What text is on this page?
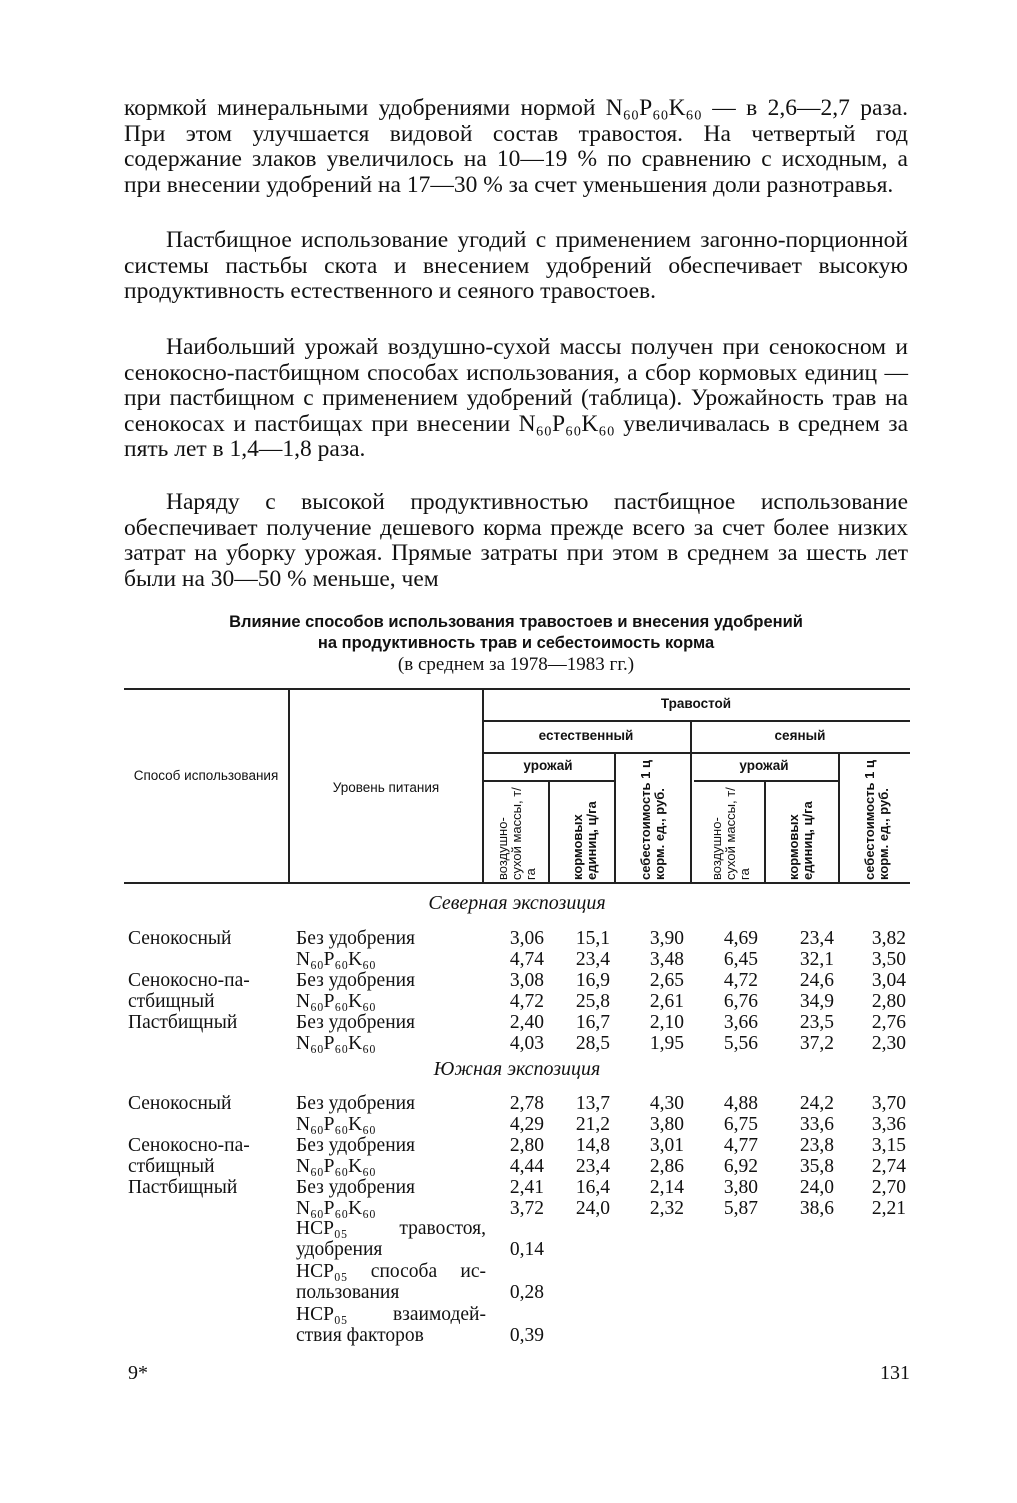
кормкой минеральными удобрениями нормой N₆₀P₆₀K₆₀ — в 2,6—2,7 раза. При этом улучшается видовой состав травостоя. На четвертый год содержание злаков увеличилось на 10—19 % по сравнению с исходным, а при внесении удобрений на 17—30 % за счет уменьшения доли разнотравья.

Пастбищное использование угодий с применением загонно-порционной системы пастьбы скота и внесением удобрений обеспечивает высокую продуктивность естественного и сеяного травостоев.

Наибольший урожай воздушно-сухой массы получен при сенокосном и сенокосно-пастбищном способах использования, а сбор кормовых единиц — при пастбищном с применением удобрений (таблица). Урожайность трав на сенокосах и пастбищах при внесении N₆₀P₆₀K₆₀ увеличивалась в среднем за пять лет в 1,4—1,8 раза.

Наряду с высокой продуктивностью пастбищное использование обеспечивает получение дешевого корма прежде всего за счет более низких затрат на уборку урожая. Прямые затраты при этом в среднем за шесть лет были на 30—50 % меньше, чем

Влияние способов использования травостоев и внесения удобрений
на продуктивность трав и себестоимость корма
(в среднем за 1978—1983 гг.)
Способ использования
Уровень питания
Травостой
естественный	сеяный
урожай	урожай
воздушно-сухой массы, т/га	кормовых единиц, ц/га	себестоимость 1 ц корм. ед., руб.	воздушно-сухой массы, т/га	кормовых единиц, ц/га	себестоимость 1 ц корм. ед., руб.
Северная экспозиция
Сенокосный	Без удобрения	3,06	15,1	3,90	4,69	23,4	3,82
N₆₀P₆₀K₆₀	4,74	23,4	3,48	6,45	32,1	3,50
Сенокосно-па- Без удобрения	3,08	16,9	2,65	4,72	24,6	3,04
стбищный	N₆₀P₆₀K₆₀	4,72	25,8	2,61	6,76	34,9	2,80
Пастбищный	Без удобрения	2,40	16,7	2,10	3,66	23,5	2,76
N₆₀P₆₀K₆₀	4,03	28,5	1,95	5,56	37,2	2,30
Южная экспозиция
Сенокосный	Без удобрения	2,78	13,7	4,30	4,88	24,2	3,70
N₆₀P₆₀K₆₀	4,29	21,2	3,80	6,75	33,6	3,36
Сенокосно-па- Без удобрения	2,80	14,8	3,01	4,77	23,8	3,15
стбищный	N₆₀P₆₀K₆₀	4,44	23,4	2,86	6,92	35,8	2,74
Пастбищный	Без удобрения	2,41	16,4	2,14	3,80	24,0	2,70
N₆₀P₆₀K₆₀	3,72	24,0	2,32	5,87	38,6	2,21
НСР₀₅ травостоя,
удобрения	0,14
НСР₀₅ способа ис-
пользования	0,28
НСР₀₅ взаимодей-
ствия факторов	0,39
9*	131
